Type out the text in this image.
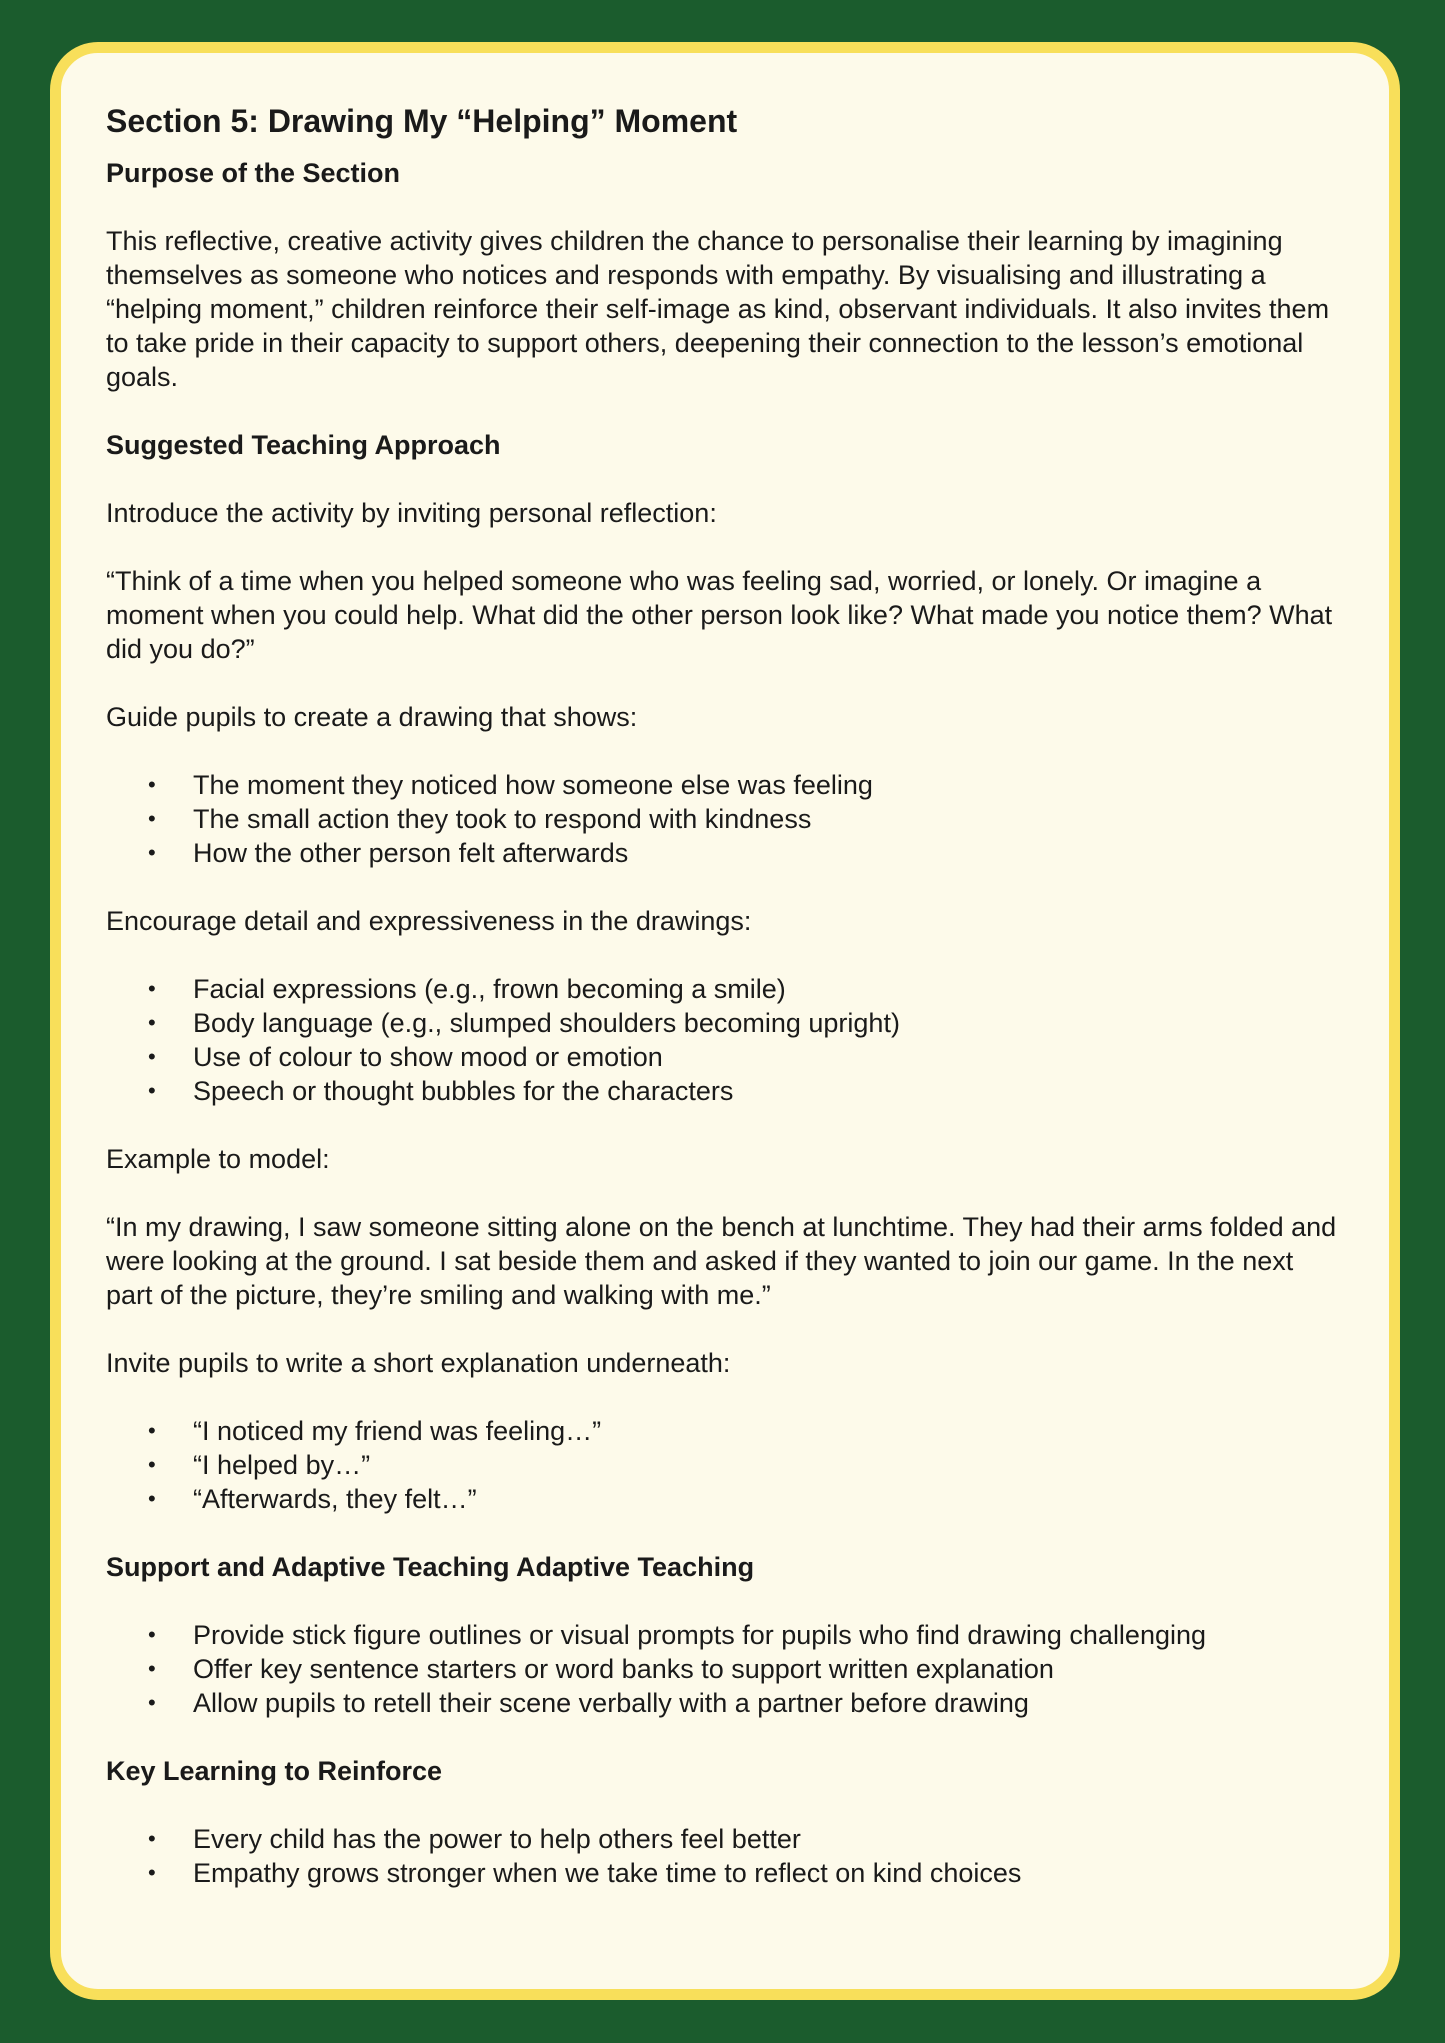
Section 5: Drawing My “Helping” Moment
Purpose of the Section

This reflective, creative activity gives children the chance to personalise their learning by imagining themselves as someone who notices and responds with empathy. By visualising and illustrating a “helping moment,” children reinforce their self-image as kind, observant individuals. It also invites them to take pride in their capacity to support others, deepening their connection to the lesson’s emotional goals.

Suggested Teaching Approach

Introduce the activity by inviting personal reflection:

“Think of a time when you helped someone who was feeling sad, worried, or lonely. Or imagine a moment when you could help. What did the other person look like? What made you notice them? What did you do?”

Guide pupils to create a drawing that shows:

• The moment they noticed how someone else was feeling
• The small action they took to respond with kindness
• How the other person felt afterwards

Encourage detail and expressiveness in the drawings:

• Facial expressions (e.g., frown becoming a smile)
• Body language (e.g., slumped shoulders becoming upright)
• Use of colour to show mood or emotion
• Speech or thought bubbles for the characters

Example to model:

“In my drawing, I saw someone sitting alone on the bench at lunchtime. They had their arms folded and were looking at the ground. I sat beside them and asked if they wanted to join our game. In the next part of the picture, they’re smiling and walking with me.”

Invite pupils to write a short explanation underneath:

• “I noticed my friend was feeling…”
• “I helped by…”
• “Afterwards, they felt…”
Support and Adaptive Teaching Adaptive Teaching
• Provide stick figure outlines or visual prompts for pupils who find drawing challenging
• Offer key sentence starters or word banks to support written explanation
• Allow pupils to retell their scene verbally with a partner before drawing
Key Learning to Reinforce
• Every child has the power to help others feel better
• Empathy grows stronger when we take time to reflect on kind choices
